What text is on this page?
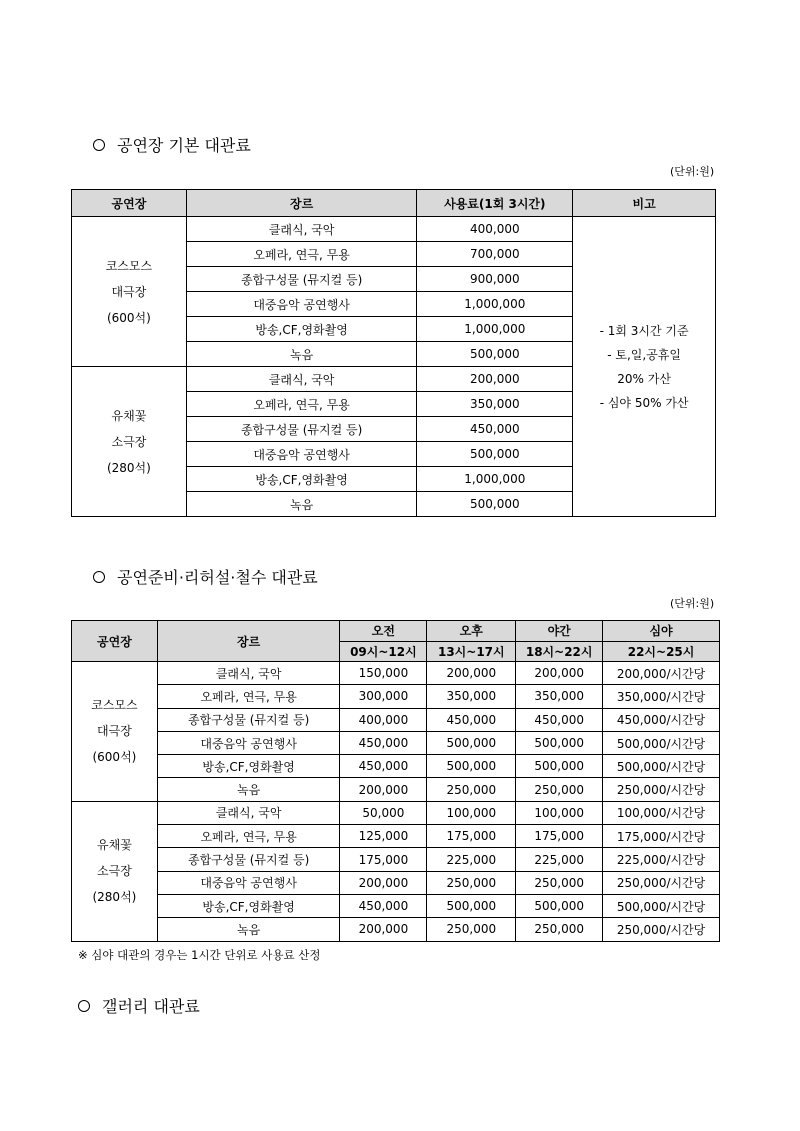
공연장 기본 대관료
(단위:원)
공연장	장르	사용료(1회 3시간)	비고

코스모스
대극장
(600석)	클래식, 국악	400,000	- 1회 3시간 기준
- 토,일,공휴일
20% 가산
- 심야 50% 가산

	오페라, 연극, 무용	700,000	
	종합구성물 (뮤지컬 등)	900,000	
	대중음악 공연행사	1,000,000	
	방송,CF,영화촬영	1,000,000	
	녹음	500,000	

유채꽃
소극장
(280석)	클래식, 국악	200,000	
	오페라, 연극, 무용	350,000	
	종합구성물 (뮤지컬 등)	450,000	
	대중음악 공연행사	500,000	
	방송,CF,영화촬영	1,000,000	
	녹음	500,000	
공연준비·리허설·철수 대관료
(단위:원)
공연장	장르	오전	오후	야간	심야
		09시~12시	13시~17시	18시~22시	22시~25시

코스모스
대극장
(600석)	클래식, 국악	150,000	200,000	200,000	200,000/시간당
	오페라, 연극, 무용	300,000	350,000	350,000	350,000/시간당
	종합구성물 (뮤지컬 등)	400,000	450,000	450,000	450,000/시간당
	대중음악 공연행사	450,000	500,000	500,000	500,000/시간당
	방송,CF,영화촬영	450,000	500,000	500,000	500,000/시간당
	녹음	200,000	250,000	250,000	250,000/시간당

유채꽃
소극장
(280석)	클래식, 국악	50,000	100,000	100,000	100,000/시간당
	오페라, 연극, 무용	125,000	175,000	175,000	175,000/시간당
	종합구성물 (뮤지컬 등)	175,000	225,000	225,000	225,000/시간당
	대중음악 공연행사	200,000	250,000	250,000	250,000/시간당
	방송,CF,영화촬영	450,000	500,000	500,000	500,000/시간당
	녹음	200,000	250,000	250,000	250,000/시간당
※ 심야 대관의 경우는 1시간 단위로 사용료 산정
갤러리 대관료
